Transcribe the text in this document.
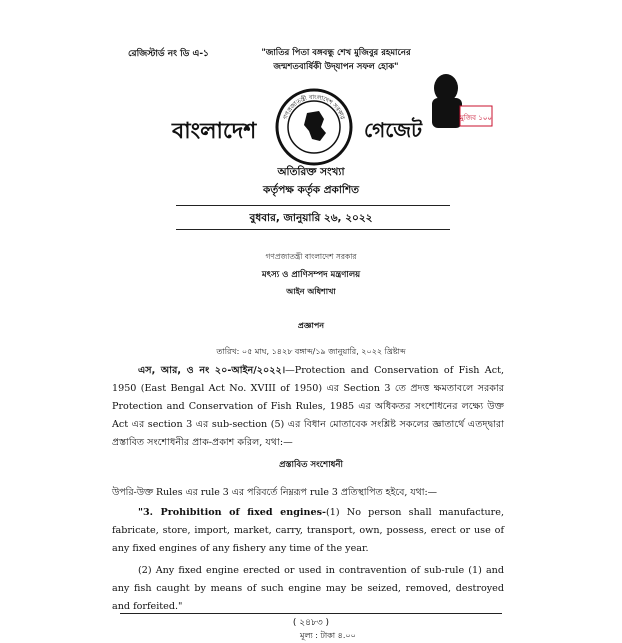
রেজিস্টার্ড নং ডি এ-১	"জাতির পিতা বঙ্গবন্ধু শেখ মুজিবুর রহমানের
জন্মশতবার্ষিকী উদ্‌যাপন সফল হোক"
বাংলাদেশ
গণপ্রজাতন্ত্রী বাংলাদেশ সরকার
গেজেট	মুজিব ১০০
অতিরিক্ত সংখ্যা
কর্তৃপক্ষ কর্তৃক প্রকাশিত
বুধবার, জানুয়ারি ২৬, ২০২২
গণপ্রজাতন্ত্রী বাংলাদেশ সরকার
মৎস্য ও প্রাণিসম্পদ মন্ত্রণালয়
আইন অধিশাখা
প্রজ্ঞাপন
তারিখ: ০৫ মাঘ, ১৪২৮ বঙ্গাব্দ/১৯ জানুয়ারি, ২০২২ খ্রিষ্টাব্দ

এস, আর, ও নং ২০-আইন/২০২২।—Protection and Conservation of Fish Act, 1950 (East Bengal Act No. XVIII of 1950) এর Section 3 তে প্রদত্ত ক্ষমতাবলে সরকার Protection and Conservation of Fish Rules, 1985 এর অধিকতর সংশোধনের লক্ষ্যে উক্ত Act এর section 3 এর sub-section (5) এর বিধান মোতাবেক সংশ্লিষ্ট সকলের জ্ঞাতার্থে এতদ্দ্বারা প্রস্তাবিত সংশোধনীর প্রাক-প্রকাশ করিল, যথা:—

প্রস্তাবিত সংশোধনী
উপরি-উক্ত Rules এর rule 3 এর পরিবর্তে নিম্নরূপ rule 3 প্রতিস্থাপিত হইবে, যথা:—

"3. Prohibition of fixed engines-(1) No person shall manufacture, fabricate, store, import, market, carry, transport, own, possess, erect or use of any fixed engines of any fishery any time of the year.

(2) Any fixed engine erected or used in contravention of sub-rule (1) and any fish caught by means of such engine may be seized, removed, destroyed and forfeited."

( ২৪৮৩ )
মূল্য : টাকা ৪.০০
